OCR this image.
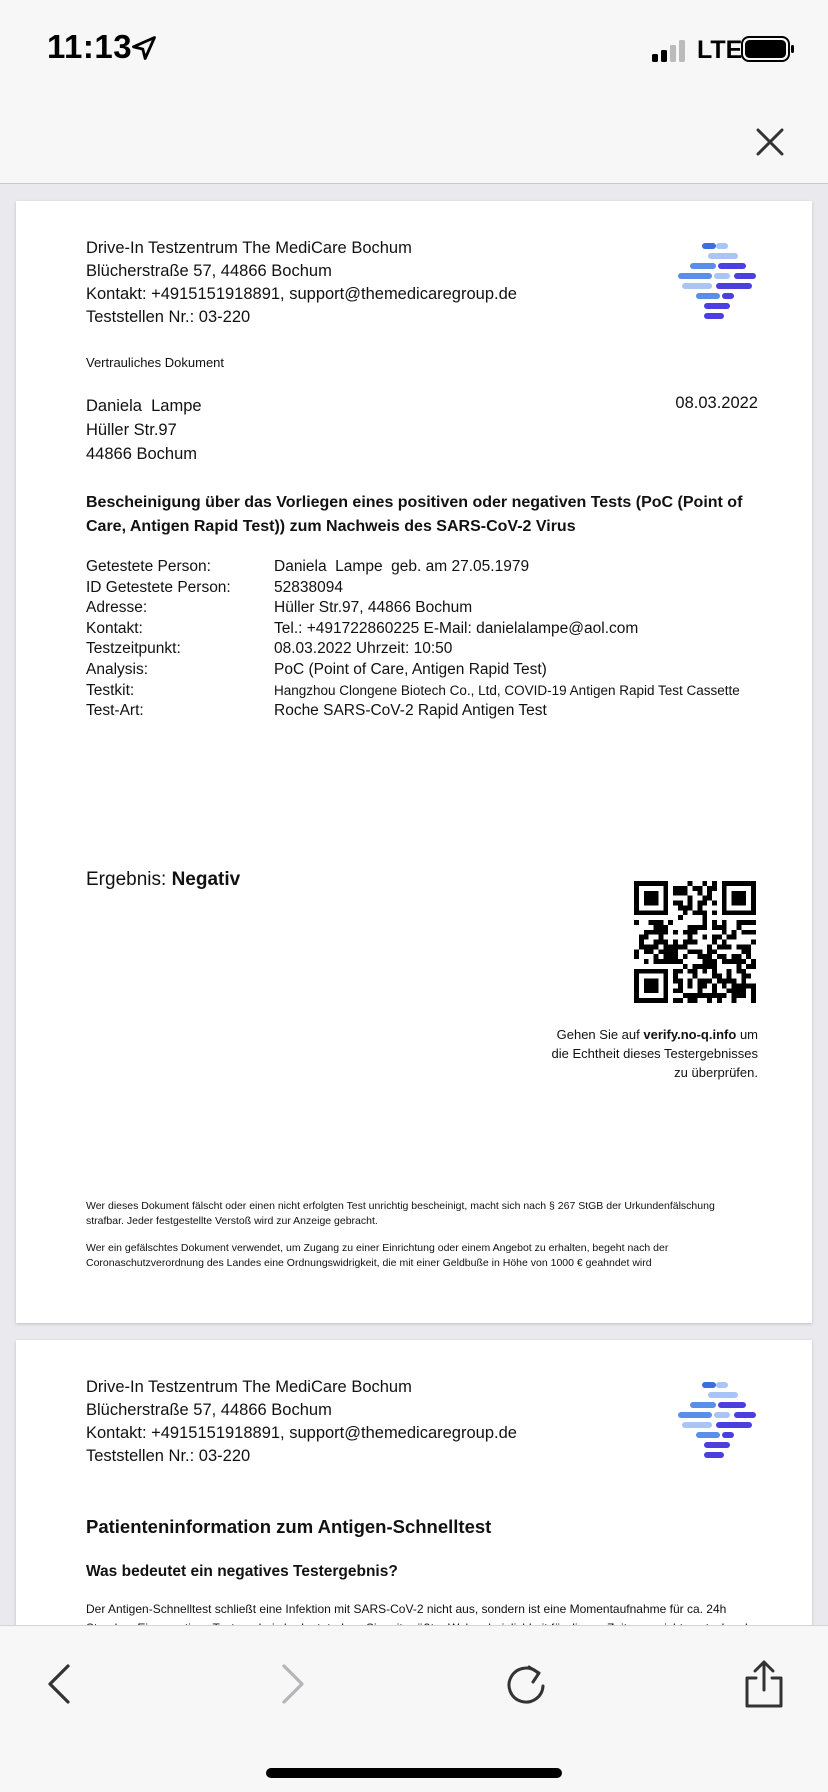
11:13	LTE
Drive-In Testzentrum The MediCare Bochum
Blücherstraße 57, 44866 Bochum
Kontakt: +4915151918891, support@themedicaregroup.de
Teststellen Nr.: 03-220
Vertrauliches Dokument
Daniela  Lampe
Hüller Str.97
44866 Bochum
08.03.2022
Bescheinigung über das Vorliegen eines positiven oder negativen Tests (PoC (Point of Care, Antigen Rapid Test)) zum Nachweis des SARS-CoV-2 Virus
Getestete Person:	Daniela  Lampe  geb. am 27.05.1979
ID Getestete Person:	52838094
Adresse:	Hüller Str.97, 44866 Bochum
Kontakt:	Tel.: +491722860225 E-Mail: danielalampe@aol.com
Testzeitpunkt:	08.03.2022 Uhrzeit: 10:50
Analysis:	PoC (Point of Care, Antigen Rapid Test)
Testkit:	Hangzhou Clongene Biotech Co., Ltd, COVID-19 Antigen Rapid Test Cassette
Test-Art:	Roche SARS-CoV-2 Rapid Antigen Test
Ergebnis: Negativ
Gehen Sie auf verify.no-q.info um
die Echtheit dieses Testergebnisses
zu überprüfen.
Wer dieses Dokument fälscht oder einen nicht erfolgten Test unrichtig bescheinigt, macht sich nach § 267 StGB der Urkundenfälschung strafbar. Jeder festgestellte Verstoß wird zur Anzeige gebracht.
Wer ein gefälschtes Dokument verwendet, um Zugang zu einer Einrichtung oder einem Angebot zu erhalten, begeht nach der Coronaschutzverordnung des Landes eine Ordnungswidrigkeit, die mit einer Geldbuße in Höhe von 1000 € geahndet wird
Drive-In Testzentrum The MediCare Bochum
Blücherstraße 57, 44866 Bochum
Kontakt: +4915151918891, support@themedicaregroup.de
Teststellen Nr.: 03-220
Patienteninformation zum Antigen-Schnelltest
Was bedeutet ein negatives Testergebnis?
Der Antigen-Schnelltest schließt eine Infektion mit SARS-CoV-2 nicht aus, sondern ist eine Momentaufnahme für ca. 24h
